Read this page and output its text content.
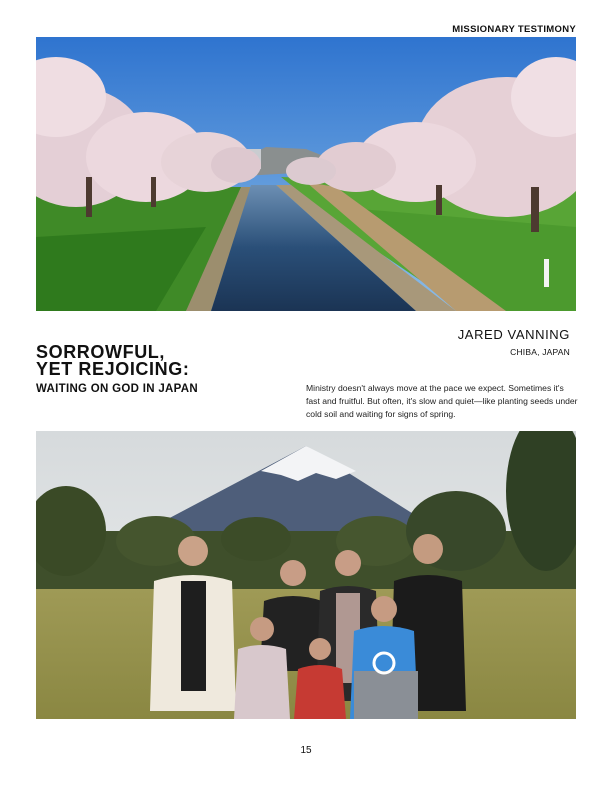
MISSIONARY TESTIMONY
JARED VANNING
CHIBA, JAPAN
SORROWFUL,
YET REJOICING:
WAITING ON GOD IN JAPAN	Ministry doesn't always move at the pace we expect. Sometimes it's fast and fruitful. But often, it's slow and quiet—like planting seeds under cold soil and waiting for signs of spring.
15
